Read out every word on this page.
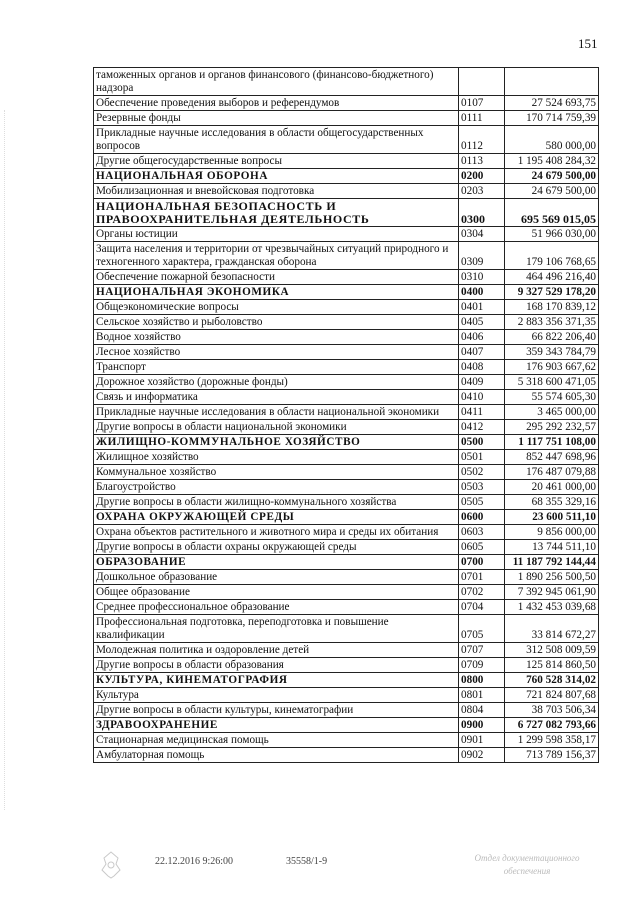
151
таможенных органов и органов финансового (финансово-бюджетного) надзора		
Обеспечение проведения выборов и референдумов	0107	27 524 693,75
Резервные фонды	0111	170 714 759,39
Прикладные научные исследования в области общегосударственных вопросов	0112	580 000,00
Другие общегосударственные вопросы	0113	1 195 408 284,32
НАЦИОНАЛЬНАЯ ОБОРОНА	0200	24 679 500,00
Мобилизационная и вневойсковая подготовка	0203	24 679 500,00
НАЦИОНАЛЬНАЯ БЕЗОПАСНОСТЬ И ПРАВООХРАНИТЕЛЬНАЯ ДЕЯТЕЛЬНОСТЬ	0300	695 569 015,05
Органы юстиции	0304	51 966 030,00
Защита населения и территории от чрезвычайных ситуаций природного и техногенного характера, гражданская оборона	0309	179 106 768,65
Обеспечение пожарной безопасности	0310	464 496 216,40
НАЦИОНАЛЬНАЯ ЭКОНОМИКА	0400	9 327 529 178,20
Общеэкономические вопросы	0401	168 170 839,12
Сельское хозяйство и рыболовство	0405	2 883 356 371,35
Водное хозяйство	0406	66 822 206,40
Лесное хозяйство	0407	359 343 784,79
Транспорт	0408	176 903 667,62
Дорожное хозяйство (дорожные фонды)	0409	5 318 600 471,05
Связь и информатика	0410	55 574 605,30
Прикладные научные исследования в области национальной экономики	0411	3 465 000,00
Другие вопросы в области национальной экономики	0412	295 292 232,57
ЖИЛИЩНО-КОММУНАЛЬНОЕ ХОЗЯЙСТВО	0500	1 117 751 108,00
Жилищное хозяйство	0501	852 447 698,96
Коммунальное хозяйство	0502	176 487 079,88
Благоустройство	0503	20 461 000,00
Другие вопросы в области жилищно-коммунального хозяйства	0505	68 355 329,16
ОХРАНА ОКРУЖАЮЩЕЙ СРЕДЫ	0600	23 600 511,10
Охрана объектов растительного и животного мира и среды их обитания	0603	9 856 000,00
Другие вопросы в области охраны окружающей среды	0605	13 744 511,10
ОБРАЗОВАНИЕ	0700	11 187 792 144,44
Дошкольное образование	0701	1 890 256 500,50
Общее образование	0702	7 392 945 061,90
Среднее профессиональное образование	0704	1 432 453 039,68
Профессиональная подготовка, переподготовка и повышение квалификации	0705	33 814 672,27
Молодежная политика и оздоровление детей	0707	312 508 009,59
Другие вопросы в области образования	0709	125 814 860,50
КУЛЬТУРА, КИНЕМАТОГРАФИЯ	0800	760 528 314,02
Культура	0801	721 824 807,68
Другие вопросы в области культуры, кинематографии	0804	38 703 506,34
ЗДРАВООХРАНЕНИЕ	0900	6 727 082 793,66
Стационарная медицинская помощь	0901	1 299 598 358,17
Амбулаторная помощь	0902	713 789 156,37
22.12.2016 9:26:00	35558/1-9	Отдел документационного обеспечения
